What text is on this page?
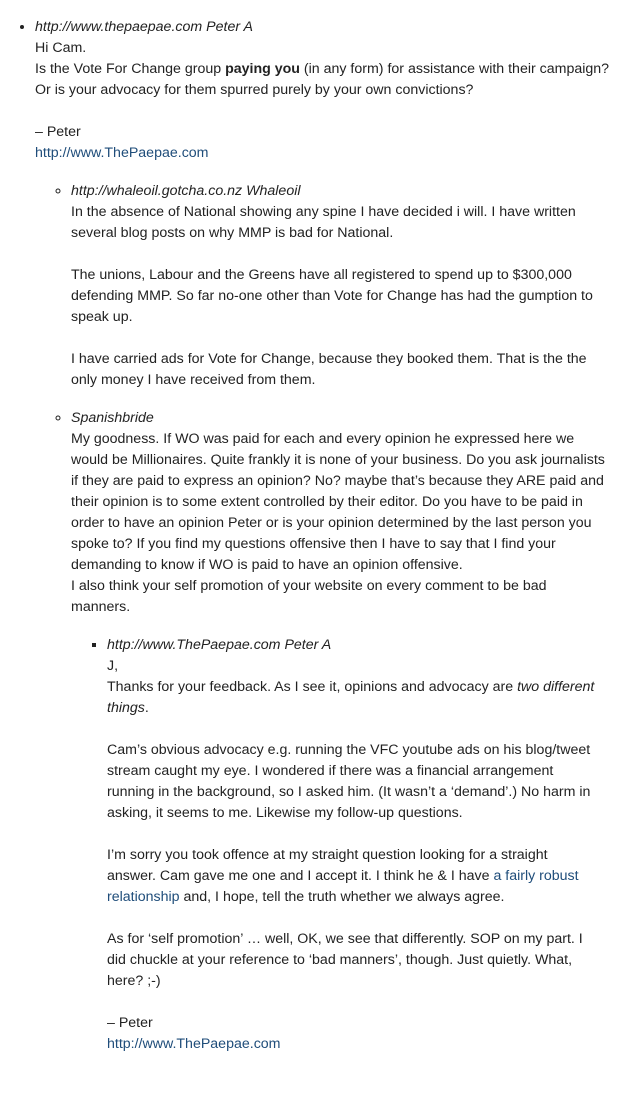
• http://www.thepaepae.com Peter A
Hi Cam.
Is the Vote For Change group paying you (in any form) for assistance with their campaign?

Or is your advocacy for them spurred purely by your own convictions?

– Peter
http://www.ThePaepae.com
◦ http://whaleoil.gotcha.co.nz Whaleoil

In the absence of National showing any spine I have decided i will. I have written several blog posts on why MMP is bad for National.

The unions, Labour and the Greens have all registered to spend up to $300,000 defending MMP. So far no-one other than Vote for Change has had the gumption to speak up.

I have carried ads for Vote for Change, because they booked them. That is the the only money I have received from them.

◦ Spanishbride
My goodness. If WO was paid for each and every opinion he expressed here we would be Millionaires. Quite frankly it is none of your business. Do you ask journalists if they are paid to express an opinion? No? maybe that’s because they ARE paid and their opinion is to some extent controlled by their editor. Do you have to be paid in order to have an opinion Peter or is your opinion determined by the last person you spoke to? If you find my questions offensive then I have to say that I find your demanding to know if WO is paid to have an opinion offensive.
I also think your self promotion of your website on every comment to be bad manners.
▪ http://www.ThePaepae.com Peter A
J,

Thanks for your feedback. As I see it, opinions and advocacy are two different things.

Cam’s obvious advocacy e.g. running the VFC youtube ads on his blog/tweet stream caught my eye. I wondered if there was a financial arrangement running in the background, so I asked him. (It wasn’t a ‘demand’.) No harm in asking, it seems to me. Likewise my follow-up questions.

I’m sorry you took offence at my straight question looking for a straight answer. Cam gave me one and I accept it. I think he & I have a fairly robust relationship and, I hope, tell the truth whether we always agree.

As for ‘self promotion’ … well, OK, we see that differently. SOP on my part. I did chuckle at your reference to ‘bad manners’, though. Just quietly. What, here? ;-)

– Peter
http://www.ThePaepae.com
